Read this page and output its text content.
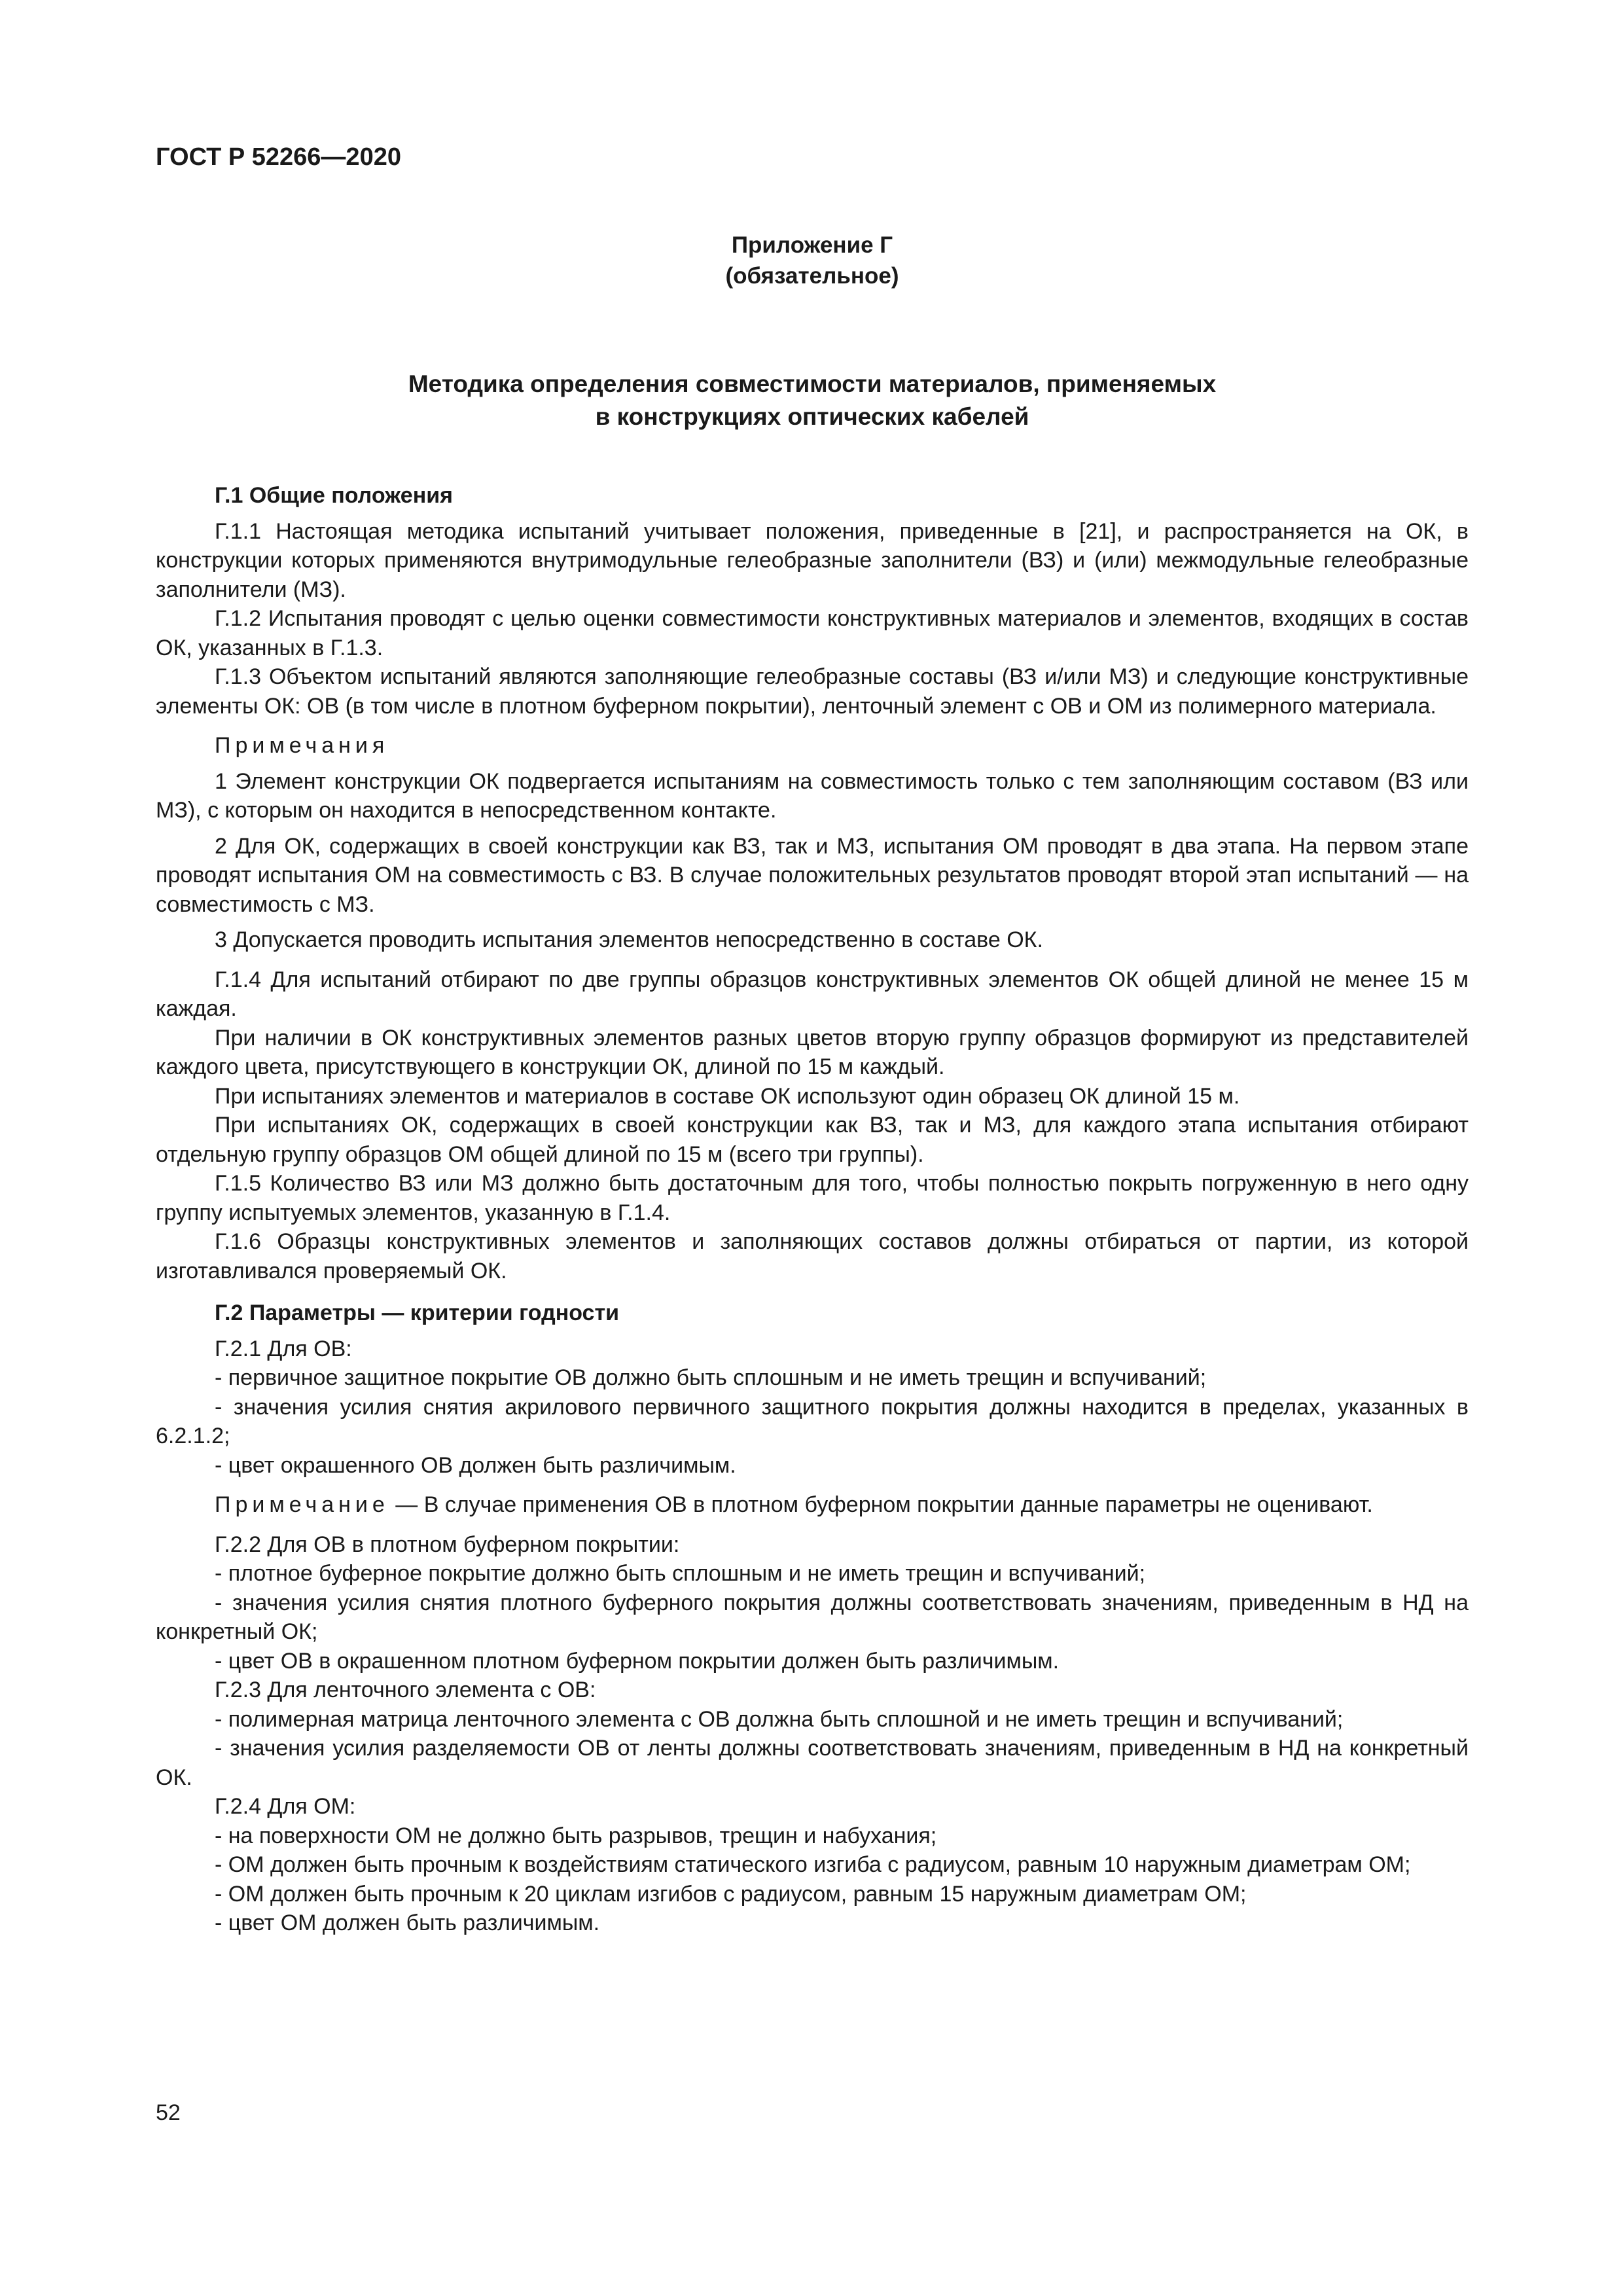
ГОСТ Р 52266—2020
Приложение Г
(обязательное)
Методика определения совместимости материалов, применяемых
в конструкциях оптических кабелей
Г.1 Общие положения

Г.1.1 Настоящая методика испытаний учитывает положения, приведенные в [21], и распространяется на ОК, в конструкции которых применяются внутримодульные гелеобразные заполнители (ВЗ) и (или) межмодульные гелеобразные заполнители (МЗ).

Г.1.2 Испытания проводят с целью оценки совместимости конструктивных материалов и элементов, входящих в состав ОК, указанных в Г.1.3.

Г.1.3 Объектом испытаний являются заполняющие гелеобразные составы (ВЗ и/или МЗ) и следующие конструктивные элементы ОК: ОВ (в том числе в плотном буферном покрытии), ленточный элемент с ОВ и ОМ из полимерного материала.

Примечания

1 Элемент конструкции ОК подвергается испытаниям на совместимость только с тем заполняющим составом (ВЗ или МЗ), с которым он находится в непосредственном контакте.

2 Для ОК, содержащих в своей конструкции как ВЗ, так и МЗ, испытания ОМ проводят в два этапа. На первом этапе проводят испытания ОМ на совместимость с ВЗ. В случае положительных результатов проводят второй этап испытаний — на совместимость с МЗ.

3 Допускается проводить испытания элементов непосредственно в составе ОК.

Г.1.4 Для испытаний отбирают по две группы образцов конструктивных элементов ОК общей длиной не менее 15 м каждая.

При наличии в ОК конструктивных элементов разных цветов вторую группу образцов формируют из представителей каждого цвета, присутствующего в конструкции ОК, длиной по 15 м каждый.

При испытаниях элементов и материалов в составе ОК используют один образец ОК длиной 15 м.

При испытаниях ОК, содержащих в своей конструкции как ВЗ, так и МЗ, для каждого этапа испытания отбирают отдельную группу образцов ОМ общей длиной по 15 м (всего три группы).

Г.1.5 Количество ВЗ или МЗ должно быть достаточным для того, чтобы полностью покрыть погруженную в него одну группу испытуемых элементов, указанную в Г.1.4.

Г.1.6 Образцы конструктивных элементов и заполняющих составов должны отбираться от партии, из которой изготавливался проверяемый ОК.

Г.2 Параметры — критерии годности

Г.2.1 Для ОВ:

- первичное защитное покрытие ОВ должно быть сплошным и не иметь трещин и вспучиваний;
- значения усилия снятия акрилового первичного защитного покрытия должны находится в пределах, указанных в 6.2.1.2;
- цвет окрашенного ОВ должен быть различимым.

Примечание — В случае применения ОВ в плотном буферном покрытии данные параметры не оценивают.

Г.2.2 Для ОВ в плотном буферном покрытии:

- плотное буферное покрытие должно быть сплошным и не иметь трещин и вспучиваний;
- значения усилия снятия плотного буферного покрытия должны соответствовать значениям, приведенным в НД на конкретный ОК;
- цвет ОВ в окрашенном плотном буферном покрытии должен быть различимым.

Г.2.3 Для ленточного элемента с ОВ:

- полимерная матрица ленточного элемента с ОВ должна быть сплошной и не иметь трещин и вспучиваний;
- значения усилия разделяемости ОВ от ленты должны соответствовать значениям, приведенным в НД на конкретный ОК.

Г.2.4 Для ОМ:

- на поверхности ОМ не должно быть разрывов, трещин и набухания;
- ОМ должен быть прочным к воздействиям статического изгиба с радиусом, равным 10 наружным диаметрам ОМ;
- ОМ должен быть прочным к 20 циклам изгибов с радиусом, равным 15 наружным диаметрам ОМ;
- цвет ОМ должен быть различимым.
52
